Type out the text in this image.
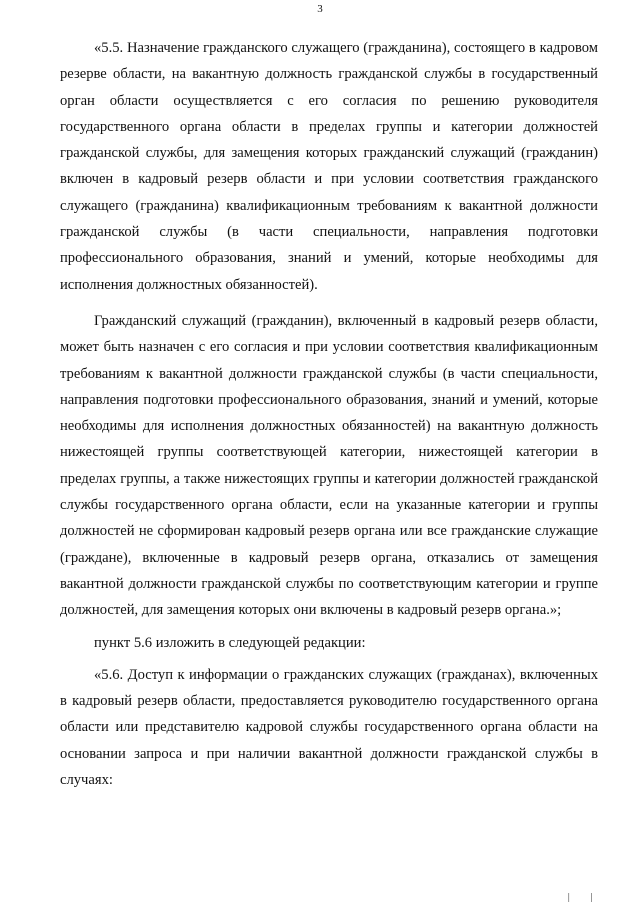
3

«5.5. Назначение гражданского служащего (гражданина), состоящего в кадровом резерве области, на вакантную должность гражданской службы в государственный орган области осуществляется с его согласия по решению руководителя государственного органа области в пределах группы и категории должностей гражданской службы, для замещения которых гражданский служащий (гражданин) включен в кадровый резерв области и при условии соответствия гражданского служащего (гражданина) квалификационным требованиям к вакантной должности гражданской службы (в части специальности, направления подготовки профессионального образования, знаний и умений, которые необходимы для исполнения должностных обязанностей).

Гражданский служащий (гражданин), включенный в кадровый резерв области, может быть назначен с его согласия и при условии соответствия квалификационным требованиям к вакантной должности гражданской службы (в части специальности, направления подготовки профессионального образования, знаний и умений, которые необходимы для исполнения должностных обязанностей) на вакантную должность нижестоящей группы соответствующей категории, нижестоящей категории в пределах группы, а также нижестоящих группы и категории должностей гражданской службы государственного органа области, если на указанные категории и группы должностей не сформирован кадровый резерв органа или все гражданские служащие (граждане), включенные в кадровый резерв органа, отказались от замещения вакантной должности гражданской службы по соответствующим категории и группе должностей, для замещения которых они включены в кадровый резерв органа.»;

пункт 5.6 изложить в следующей редакции:

«5.6. Доступ к информации о гражданских служащих (гражданах), включенных в кадровый резерв области, предоставляется руководителю государственного органа области или представителю кадровой службы государственного органа области на основании запроса и при наличии вакантной должности гражданской службы в случаях:

| |
